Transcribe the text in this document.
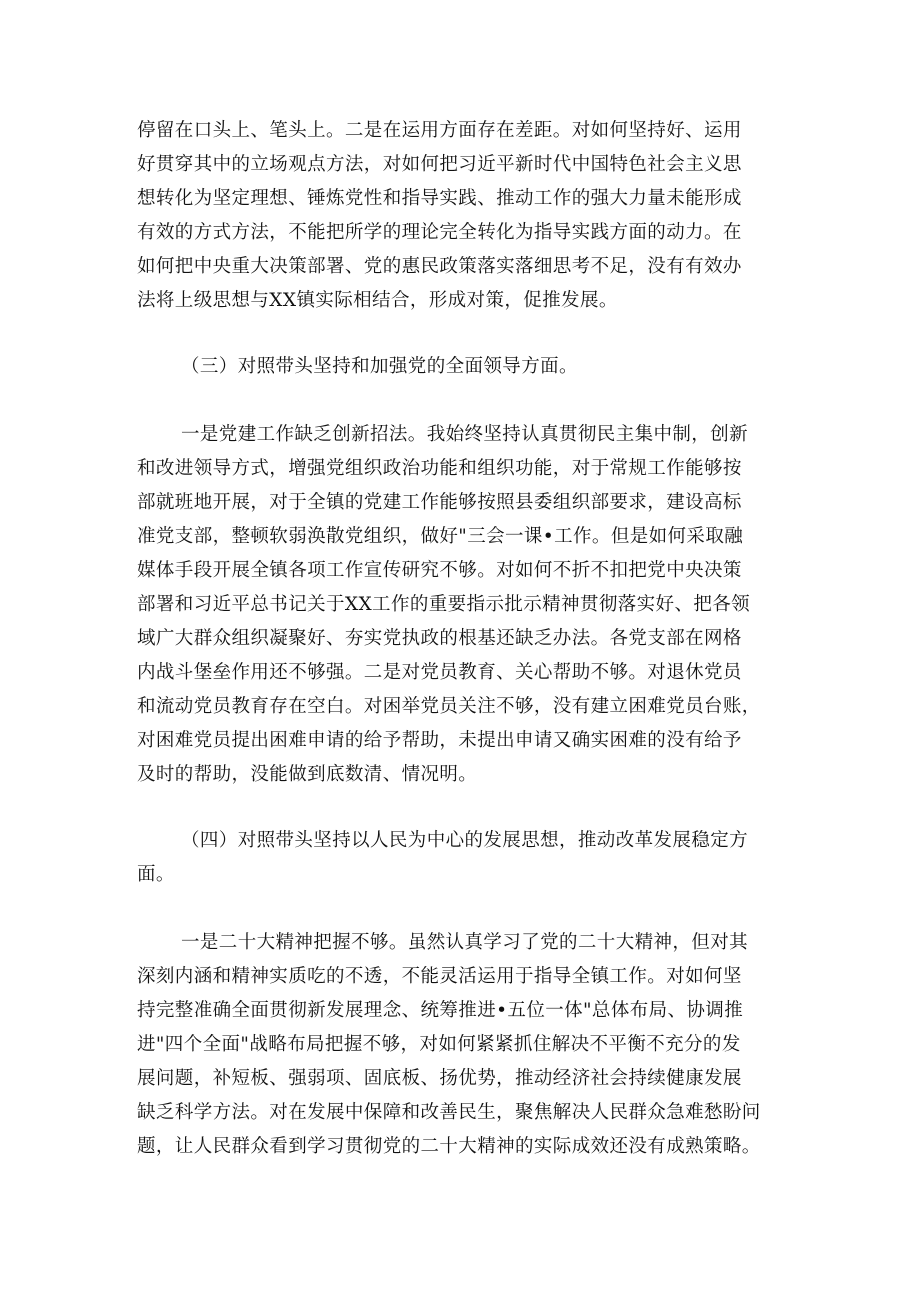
停留在口头上、笔头上。二是在运用方面存在差距。对如何坚持好、运用
好贯穿其中的立场观点方法，对如何把习近平新时代中国特色社会主义思
想转化为坚定理想、锤炼党性和指导实践、推动工作的强大力量未能形成
有效的方式方法，不能把所学的理论完全转化为指导实践方面的动力。在
如何把中央重大决策部署、党的惠民政策落实落细思考不足，没有有效办
法将上级思想与XX镇实际相结合，形成对策，促推发展。
（三）对照带头坚持和加强党的全面领导方面。
一是党建工作缺乏创新招法。我始终坚持认真贯彻民主集中制，创新
和改进领导方式，增强党组织政治功能和组织功能，对于常规工作能够按
部就班地开展，对于全镇的党建工作能够按照县委组织部要求，建设高标
准党支部，整顿软弱涣散党组织，做好"三会一课•工作。但是如何采取融
媒体手段开展全镇各项工作宣传研究不够。对如何不折不扣把党中央决策
部署和习近平总书记关于XX工作的重要指示批示精神贯彻落实好、把各领
域广大群众组织凝聚好、夯实党执政的根基还缺乏办法。各党支部在网格
内战斗堡垒作用还不够强。二是对党员教育、关心帮助不够。对退休党员
和流动党员教育存在空白。对困举党员关注不够，没有建立困难党员台账，
对困难党员提出困难申请的给予帮助，未提出申请又确实困难的没有给予
及时的帮助，没能做到底数清、情况明。
（四）对照带头坚持以人民为中心的发展思想，推动改革发展稳定方
面。
一是二十大精神把握不够。虽然认真学习了党的二十大精神，但对其
深刻内涵和精神实质吃的不透，不能灵活运用于指导全镇工作。对如何坚
持完整准确全面贯彻新发展理念、统筹推进•五位一体"总体布局、协调推
进"四个全面"战略布局把握不够，对如何紧紧抓住解决不平衡不充分的发
展问题，补短板、强弱项、固底板、扬优势，推动经济社会持续健康发展
缺乏科学方法。对在发展中保障和改善民生，聚焦解决人民群众急难愁盼问
题，让人民群众看到学习贯彻党的二十大精神的实际成效还没有成熟策略。
